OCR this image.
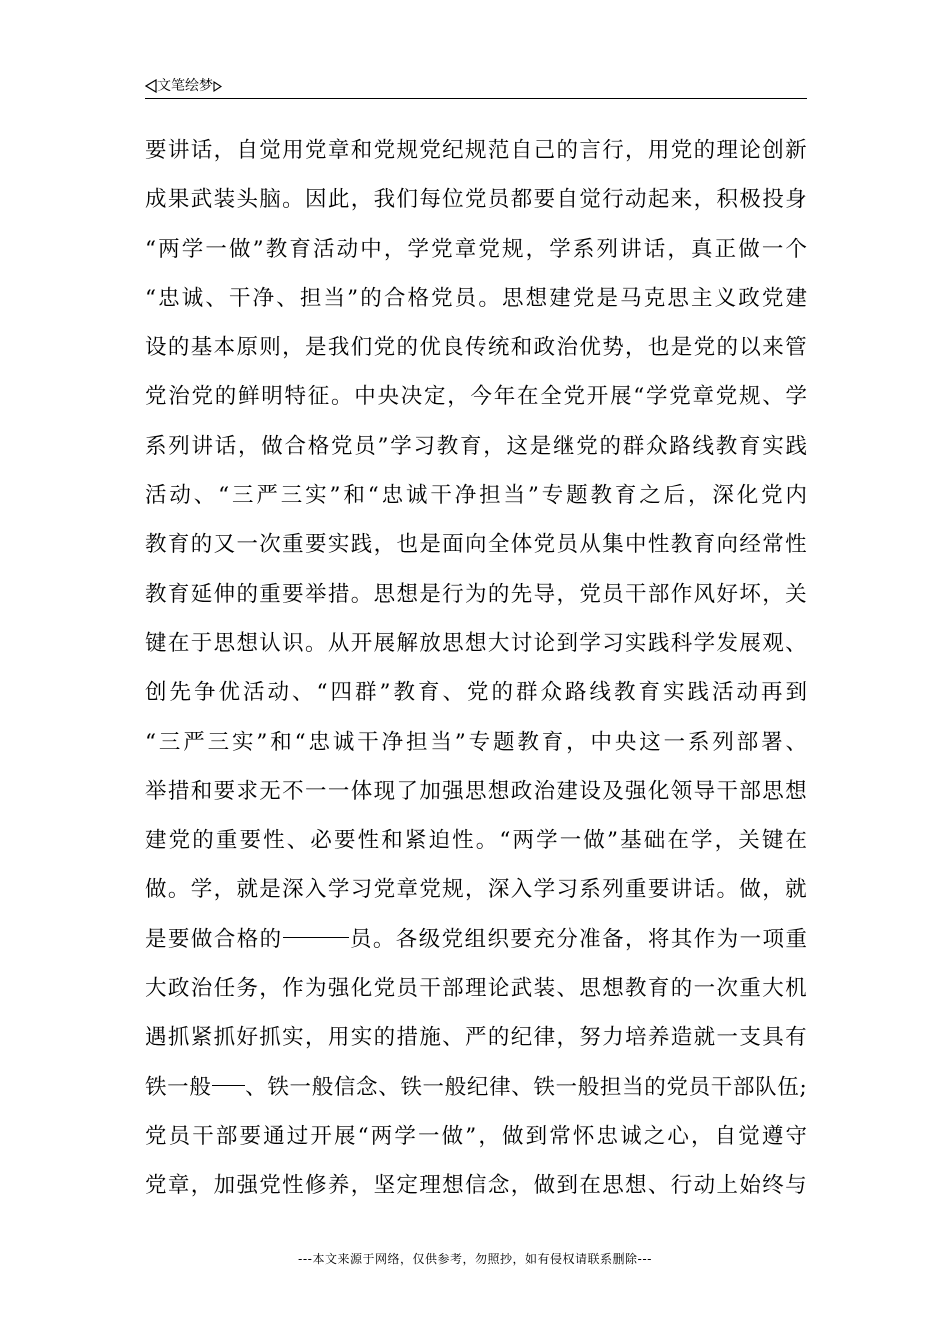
文笔绘梦
要 讲 话 ， 自 觉 用 党 章 和 党 规 党 纪 规 范 自 己 的 言 行 ， 用 党 的 理 论 创 新
成 果 武 装 头 脑 。 因 此 ， 我 们 每 位 党 员 都 要 自 觉 行 动 起 来 ， 积 极 投 身
“ 两 学 一 做 ” 教 育 活 动 中 ， 学 党 章 党 规 ， 学 系 列 讲 话 ， 真 正 做 一 个
“ 忠 诚 、 干 净 、 担 当 ” 的 合 格 党 员 。 思 想 建 党 是 马 克 思 主 义 政 党 建
设 的 基 本 原 则 ， 是 我 们 党 的 优 良 传 统 和 政 治 优 势 ， 也 是 党 的 以 来 管
党 治 党 的 鲜 明 特 征 。 中 央 决 定 ， 今 年 在 全 党 开 展 “ 学 党 章 党 规 、 学
系 列 讲 话 ， 做 合 格 党 员 ” 学 习 教 育 ， 这 是 继 党 的 群 众 路 线 教 育 实 践
活 动 、 “ 三 严 三 实 ” 和 “ 忠 诚 干 净 担 当 ” 专 题 教 育 之 后 ， 深 化 党 内
教 育 的 又 一 次 重 要 实 践 ， 也 是 面 向 全 体 党 员 从 集 中 性 教 育 向 经 常 性
教 育 延 伸 的 重 要 举 措 。 思 想 是 行 为 的 先 导 ， 党 员 干 部 作 风 好 坏 ， 关
键 在 于 思 想 认 识 。 从 开 展 解 放 思 想 大 讨 论 到 学 习 实 践 科 学 发 展 观 、
创 先 争 优 活 动 、 “ 四 群 ” 教 育 、 党 的 群 众 路 线 教 育 实 践 活 动 再 到
“ 三 严 三 实 ” 和 “ 忠 诚 干 净 担 当 ” 专 题 教 育 ， 中 央 这 一 系 列 部 署 、
举 措 和 要 求 无 不 一 一 体 现 了 加 强 思 想 政 治 建 设 及 强 化 领 导 干 部 思 想
建 党 的 重 要 性 、 必 要 性 和 紧 迫 性 。 “ 两 学 一 做 ” 基 础 在 学 ， 关 键 在
做 。 学 ， 就 是 深 入 学 习 党 章 党 规 ， 深 入 学 习 系 列 重 要 讲 话 。 做 ， 就
是 要 做 合 格 的	员 。 各 级 党 组 织 要 充 分 准 备 ， 将 其 作 为 一 项 重
大 政 治 任 务 ， 作 为 强 化 党 员 干 部 理 论 武 装 、 思 想 教 育 的 一 次 重 大 机
遇 抓 紧 抓 好 抓 实 ， 用 实 的 措 施 、 严 的 纪 律 ， 努 力 培 养 造 就 一 支 具 有
铁 一 般 、 铁 一 般 信 念 、 铁 一 般 纪 律 、 铁 一 般 担 当 的 党 员 干 部 队 伍 ;
党 员 干 部 要 通 过 开 展 “ 两 学 一 做 ” ， 做 到 常 怀 忠 诚 之 心 ， 自 觉 遵 守
党 章 ， 加 强 党 性 修 养 ， 坚 定 理 想 信 念 ， 做 到 在 思 想 、 行 动 上 始 终 与
---本文来源于网络，仅供参考，勿照抄，如有侵权请联系删除---
